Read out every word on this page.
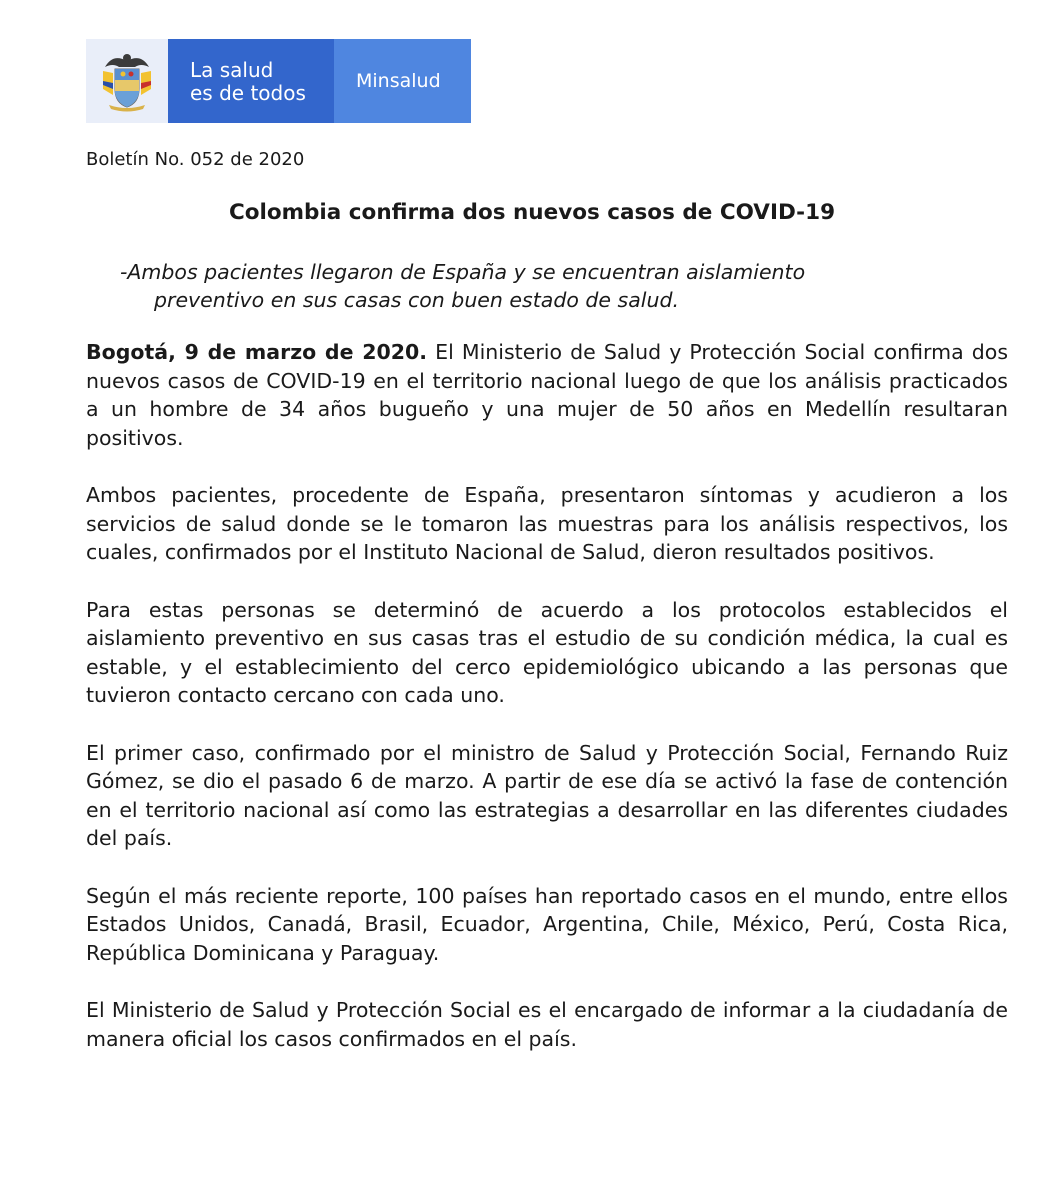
La salud
es de todos	Minsalud
Boletín No. 052 de 2020
Colombia confirma dos nuevos casos de COVID-19
-Ambos pacientes llegaron de España y se encuentran aislamiento
preventivo en sus casas con buen estado de salud.

Bogotá, 9 de marzo de 2020. El Ministerio de Salud y Protección Social confirma dos nuevos casos de COVID-19 en el territorio nacional luego de que los análisis practicados a un hombre de 34 años bugueño y una mujer de 50 años en Medellín resultaran positivos.

Ambos pacientes, procedente de España, presentaron síntomas y acudieron a los servicios de salud donde se le tomaron las muestras para los análisis respectivos, los cuales, confirmados por el Instituto Nacional de Salud, dieron resultados positivos.

Para estas personas se determinó de acuerdo a los protocolos establecidos el aislamiento preventivo en sus casas tras el estudio de su condición médica, la cual es estable, y el establecimiento del cerco epidemiológico ubicando a las personas que tuvieron contacto cercano con cada uno.

El primer caso, confirmado por el ministro de Salud y Protección Social, Fernando Ruiz Gómez, se dio el pasado 6 de marzo. A partir de ese día se activó la fase de contención en el territorio nacional así como las estrategias a desarrollar en las diferentes ciudades del país.

Según el más reciente reporte, 100 países han reportado casos en el mundo, entre ellos Estados Unidos, Canadá, Brasil, Ecuador, Argentina, Chile, México, Perú, Costa Rica, República Dominicana y Paraguay.

El Ministerio de Salud y Protección Social es el encargado de informar a la ciudadanía de manera oficial los casos confirmados en el país.
